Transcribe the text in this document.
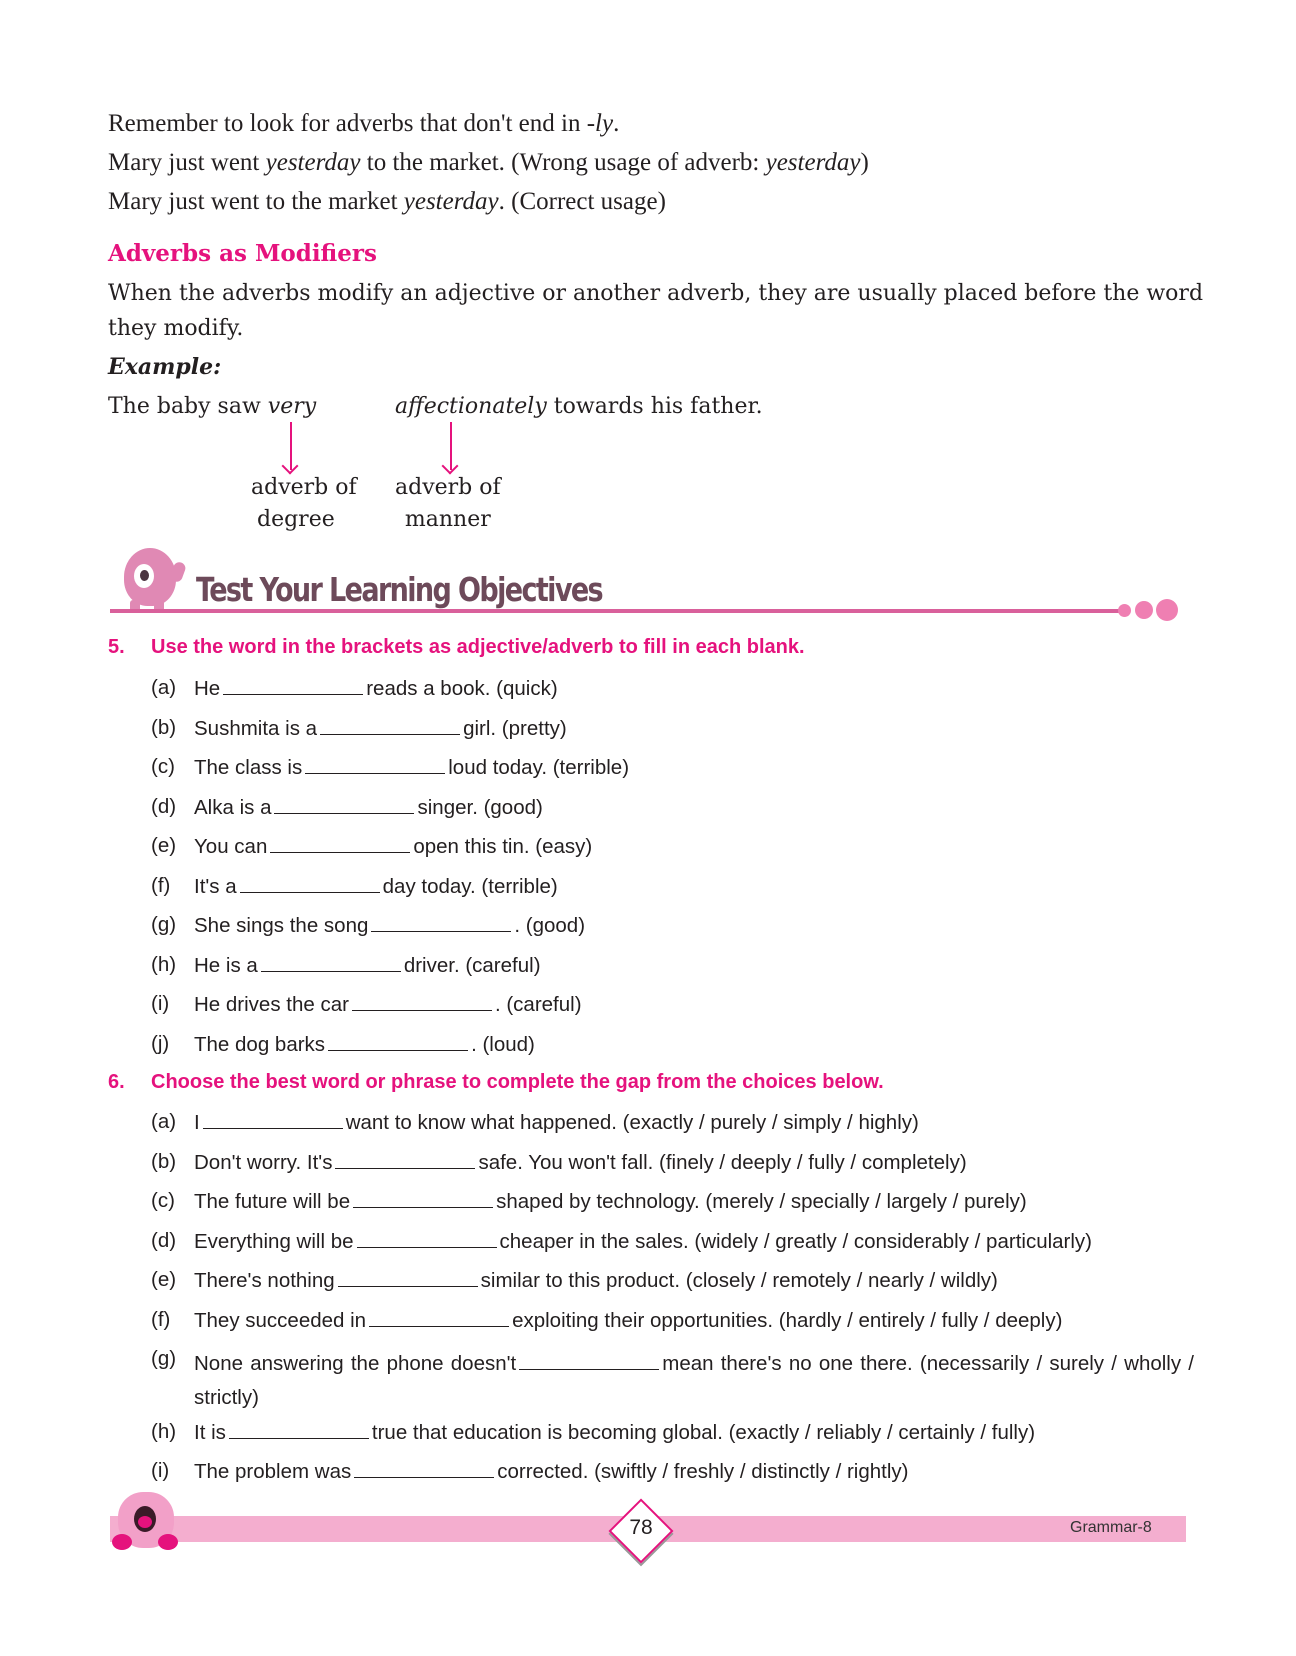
Remember to look for adverbs that don't end in -ly.
Mary just went yesterday to the market. (Wrong usage of adverb: yesterday)
Mary just went to the market yesterday. (Correct usage)
Adverbs as Modifiers
When the adverbs modify an adjective or another adverb, they are usually placed before the word
they modify.
Example:
The baby saw very	affectionately towards his father.
adverb of
degree
adverb of
manner
Test Your Learning Objectives
5. Use the word in the brackets as adjective/adverb to fill in each blank.
(a) He	reads a book. (quick)
(b) Sushmita is a	girl. (pretty)
(c) The class is	loud today. (terrible)
(d) Alka is a	singer. (good)
(e) You can	open this tin. (easy)
(f) It's a	day today. (terrible)
(g) She sings the song	. (good)
(h) He is a	driver. (careful)
(i) He drives the car	. (careful)
(j) The dog barks	. (loud)
6. Choose the best word or phrase to complete the gap from the choices below.
(a) I	want to know what happened. (exactly / purely / simply / highly)
(b) Don't worry. It's	safe. You won't fall. (finely / deeply / fully / completely)
(c) The future will be	shaped by technology. (merely / specially / largely / purely)
(d) Everything will be	cheaper in the sales. (widely / greatly / considerably / particularly)
(e) There's nothing	similar to this product. (closely / remotely / nearly / wildly)
(f) They succeeded in	exploiting their opportunities. (hardly / entirely / fully / deeply)
(g) None answering the phone doesn't	mean there's no one there. (necessarily / surely / wholly / strictly)
(h) It is	true that education is becoming global. (exactly / reliably / certainly / fully)
(i) The problem was	corrected. (swiftly / freshly / distinctly / rightly)
78	Grammar-8
